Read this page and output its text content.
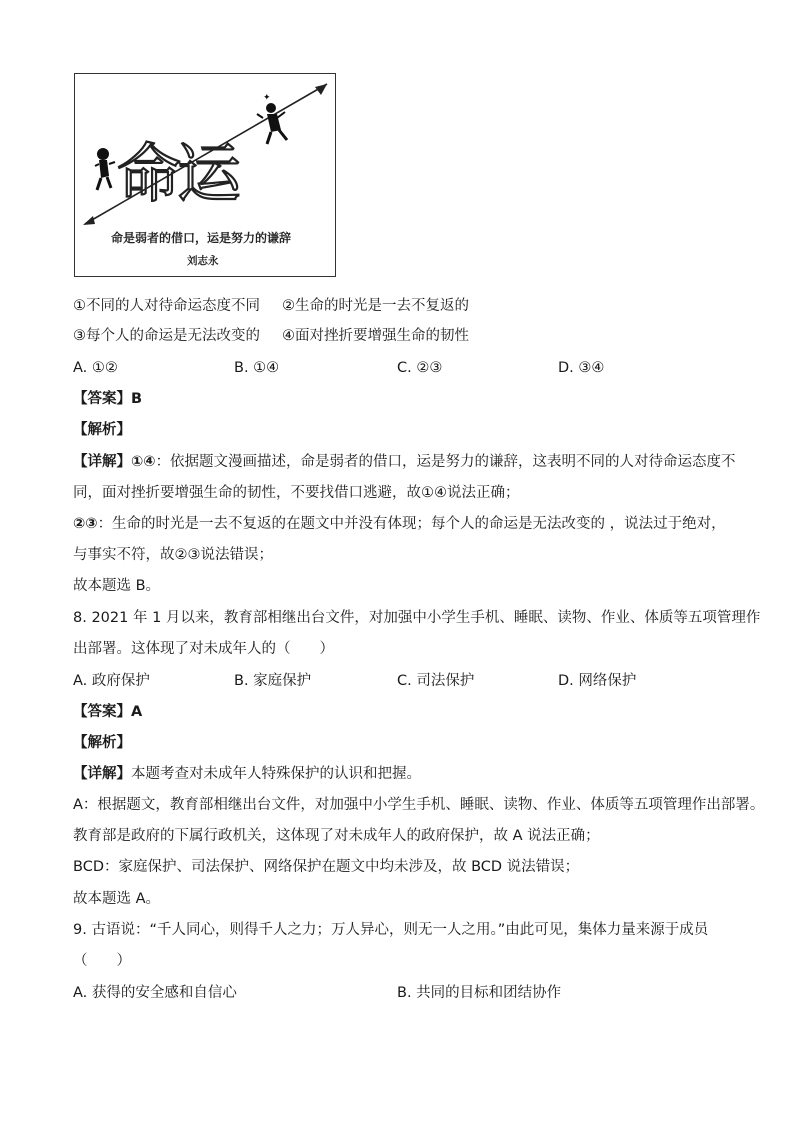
命运
✦
命是弱者的借口，运是努力的谦辞
刘志永
①不同的人对待命运态度不同 ②生命的时光是一去不复返的
③每个人的命运是无法改变的 ④面对挫折要增强生命的韧性
A. ①②	B. ①④	C. ②③	D. ③④
【答案】B
【解析】
【详解】①④：依据题文漫画描述，命是弱者的借口，运是努力的谦辞，这表明不同的人对待命运态度不
同，面对挫折要增强生命的韧性，不要找借口逃避，故①④说法正确；
②③：生命的时光是一去不复返的在题文中并没有体现；每个人的命运是无法改变的 ，说法过于绝对，
与事实不符，故②③说法错误；
故本题选 B。
8. 2021 年 1 月以来，教育部相继出台文件，对加强中小学生手机、睡眠、读物、作业、体质等五项管理作
出部署。这体现了对未成年人的（　　）
A. 政府保护	B. 家庭保护	C. 司法保护	D. 网络保护
【答案】A
【解析】
【详解】本题考查对未成年人特殊保护的认识和把握。
A：根据题文，教育部相继出台文件，对加强中小学生手机、睡眠、读物、作业、体质等五项管理作出部署。
教育部是政府的下属行政机关，这体现了对未成年人的政府保护，故 A 说法正确；
BCD：家庭保护、司法保护、网络保护在题文中均未涉及，故 BCD 说法错误；
故本题选 A。
9. 古语说：“千人同心，则得千人之力；万人异心，则无一人之用。”由此可见，集体力量来源于成员
（　　）
A. 获得的安全感和自信心	B. 共同的目标和团结协作
